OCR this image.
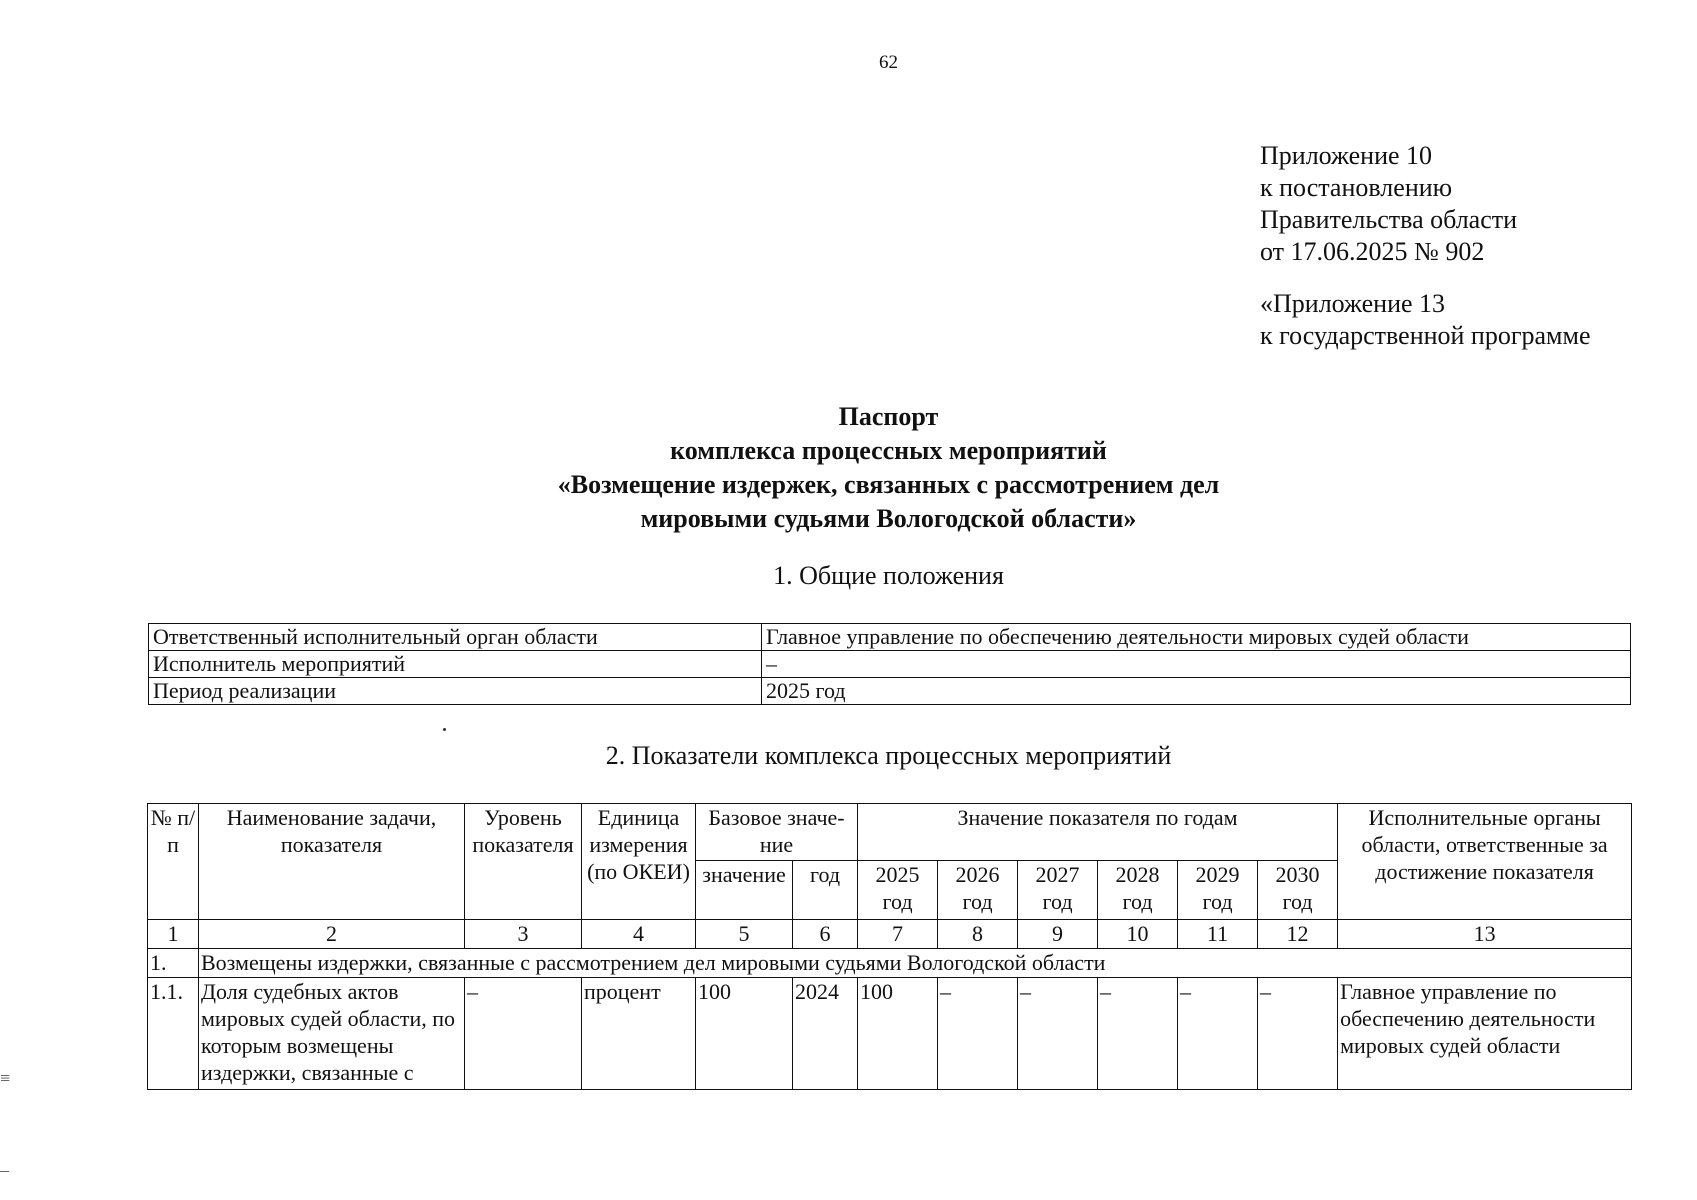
62
Приложение 10
к постановлению
Правительства области
от 17.06.2025 № 902
«Приложение 13
к государственной программе
Паспорт
комплекса процессных мероприятий
«Возмещение издержек, связанных с рассмотрением дел
мировыми судьями Вологодской области»
1. Общие положения
Ответственный исполнительный орган области	Главное управление по обеспечению деятельности мировых судей области
Исполнитель мероприятий	–
Период реализации	2025 год
2. Показатели комплекса процессных мероприятий
№ п/п	Наименование задачи, показателя	Уровень показателя	Единица измерения (по ОКЕИ)	Базовое значе-ние		Значение показателя по годам						Исполнительные органы области, ответственные за достижение показателя
				значение	год	2025 год	2026 год	2027 год	2028 год	2029 год	2030 год	
1	2	3	4	5	6	7	8	9	10	11	12	13
1.	Возмещены издержки, связанные с рассмотрением дел мировыми судьями Вологодской области											
1.1.	Доля судебных актов мировых судей области, по которым возмещены издержки, связанные с	–	процент	100	2024	100	–	–	–	–	–	Главное управление по обеспечению деятельности мировых судей области
≡
–
